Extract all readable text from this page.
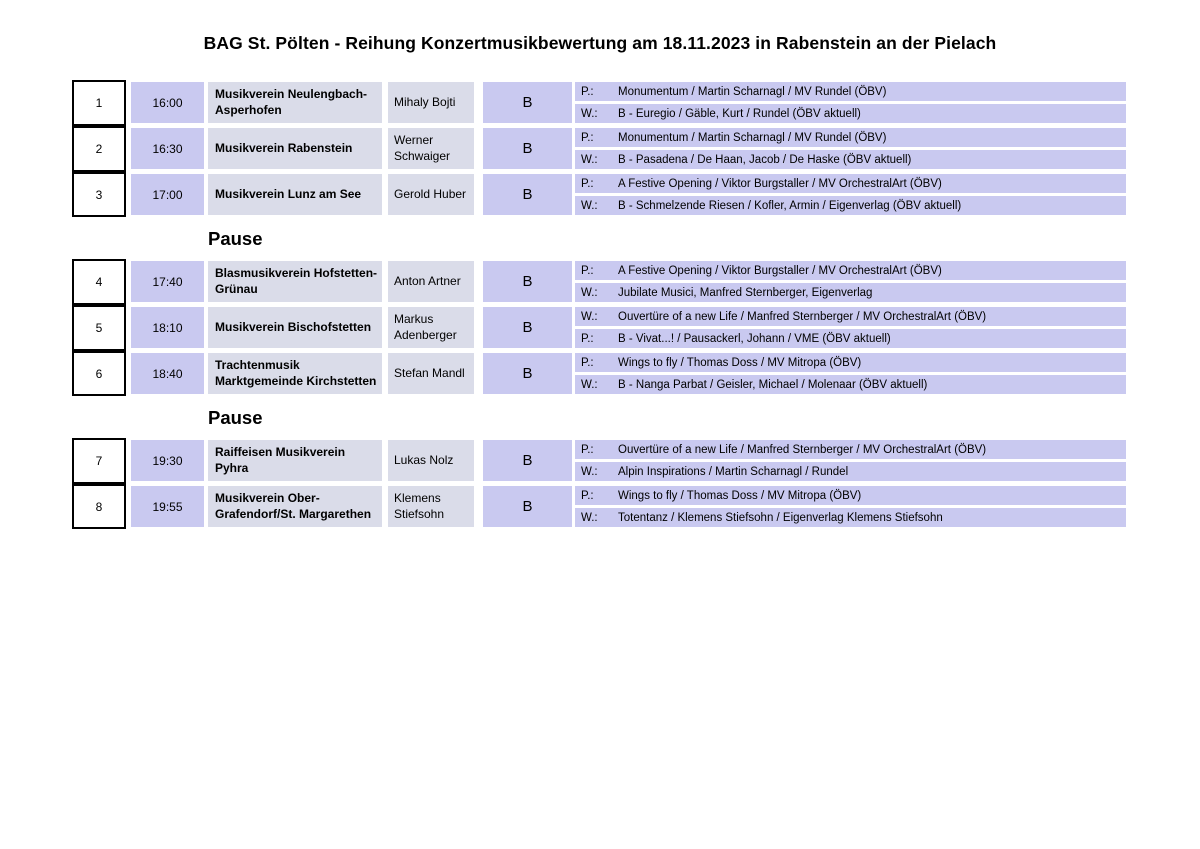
BAG St. Pölten - Reihung Konzertmusikbewertung am 18.11.2023 in Rabenstein an der Pielach
1	16:00
Musikverein Neulengbach-Asperhofen
Mihaly Bojti	B
P.:	Monumentum / Martin Scharnagl / MV Rundel (ÖBV)
W.:	B - Euregio / Gäble, Kurt / Rundel (ÖBV aktuell)
2	16:30	Musikverein Rabenstein
Werner Schwaiger	B
P.:	Monumentum / Martin Scharnagl / MV Rundel (ÖBV)
W.:	B - Pasadena / De Haan, Jacob / De Haske (ÖBV aktuell)
3	17:00	Musikverein Lunz am See	Gerold Huber	B
P.:	A Festive Opening / Viktor Burgstaller / MV OrchestralArt (ÖBV)
W.:	B - Schmelzende Riesen / Kofler, Armin / Eigenverlag (ÖBV aktuell)
Pause
4	17:40
Blasmusikverein Hofstetten-Grünau
Anton Artner	B
P.:	A Festive Opening / Viktor Burgstaller / MV OrchestralArt (ÖBV)
W.:	Jubilate Musici, Manfred Sternberger, Eigenverlag
5	18:10	Musikverein Bischofstetten
Markus Adenberger	B
W.:	Ouvertüre of a new Life / Manfred Sternberger / MV OrchestralArt (ÖBV)
P.:	B - Vivat...! / Pausackerl, Johann / VME (ÖBV aktuell)
6	18:40
Trachtenmusik Marktgemeinde Kirchstetten
Stefan Mandl	B
P.:	Wings to fly / Thomas Doss / MV Mitropa (ÖBV)
W.:	B - Nanga Parbat / Geisler, Michael / Molenaar (ÖBV aktuell)
Pause
7	19:30
Raiffeisen Musikverein Pyhra
Lukas Nolz	B
P.:	Ouvertüre of a new Life / Manfred Sternberger / MV OrchestralArt (ÖBV)
W.:	Alpin Inspirations / Martin Scharnagl / Rundel
8	19:55
Musikverein Ober-Grafendorf/St. Margarethen
Klemens Stiefsohn	B
P.:	Wings to fly / Thomas Doss / MV Mitropa (ÖBV)
W.:	Totentanz / Klemens Stiefsohn / Eigenverlag Klemens Stiefsohn
